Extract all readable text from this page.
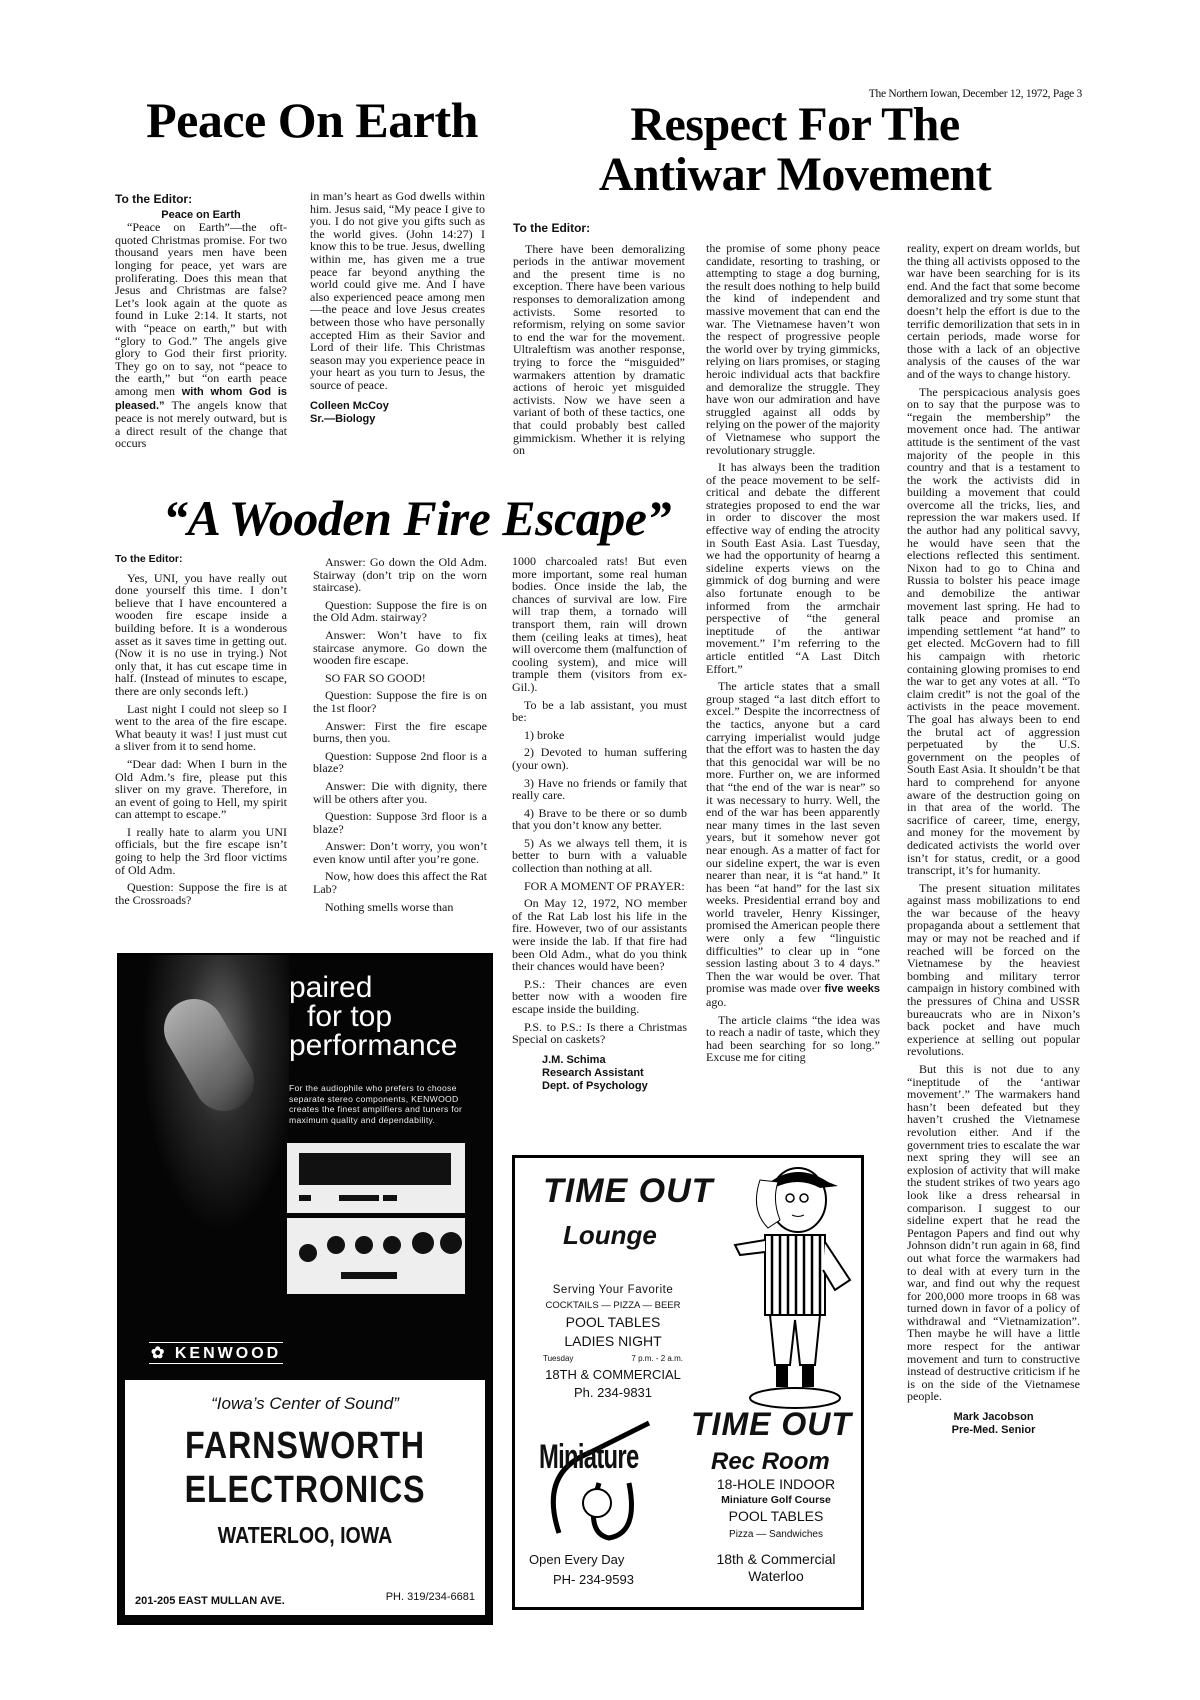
The Northern Iowan, December 12, 1972, Page 3
Peace On Earth
To the Editor:
Peace on Earth

“Peace on Earth”—the oft-quoted Christmas promise. For two thousand years men have been longing for peace, yet wars are proliferating. Does this mean that Jesus and Christmas are false? Let’s look again at the quote as found in Luke 2:14. It starts, not with “peace on earth,” but with “glory to God.” The angels give glory to God their first priority. They go on to say, not “peace to the earth,” but “on earth peace among men with whom God is pleased.” The angels know that peace is not merely outward, but is a direct result of the change that occurs

in man’s heart as God dwells within him. Jesus said, “My peace I give to you. I do not give you gifts such as the world gives. (John 14:27) I know this to be true. Jesus, dwelling within me, has given me a true peace far beyond anything the world could give me. And I have also experienced peace among men—the peace and love Jesus creates between those who have personally accepted Him as their Savior and Lord of their life. This Christmas season may you experience peace in your heart as you turn to Jesus, the source of peace.

Colleen McCoy
Sr.—Biology
Respect For The
Antiwar Movement
To the Editor:

There have been demoralizing periods in the antiwar movement and the present time is no exception. There have been various responses to demoralization among activists. Some resorted to reformism, relying on some savior to end the war for the movement. Ultraleftism was another response, trying to force the “misguided” warmakers attention by dramatic actions of heroic yet misguided activists. Now we have seen a variant of both of these tactics, one that could probably best called gimmickism. Whether it is relying on

the promise of some phony peace candidate, resorting to trashing, or attempting to stage a dog burning, the result does nothing to help build the kind of independent and massive movement that can end the war. The Vietnamese haven’t won the respect of progressive people the world over by trying gimmicks, relying on liars promises, or staging heroic individual acts that backfire and demoralize the struggle. They have won our admiration and have struggled against all odds by relying on the power of the majority of Vietnamese who support the revolutionary struggle.

It has always been the tradition of the peace movement to be self-critical and debate the different strategies proposed to end the war in order to discover the most effective way of ending the atrocity in South East Asia. Last Tuesday, we had the opportunity of hearng a sideline experts views on the gimmick of dog burning and were also fortunate enough to be informed from the armchair perspective of “the general ineptitude of the antiwar movement.” I’m referring to the article entitled “A Last Ditch Effort.”

The article states that a small group staged “a last ditch effort to excel.” Despite the incorrectness of the tactics, anyone but a card carrying imperialist would judge that the effort was to hasten the day that this genocidal war will be no more. Further on, we are informed that “the end of the war is near” so it was necessary to hurry. Well, the end of the war has been apparently near many times in the last seven years, but it somehow never got near enough. As a matter of fact for our sideline expert, the war is even nearer than near, it is “at hand.” It has been “at hand” for the last six weeks. Presidential errand boy and world traveler, Henry Kissinger, promised the American people there were only a few “linguistic difficulties” to clear up in “one session lasting about 3 to 4 days.” Then the war would be over. That promise was made over five weeks ago.

The article claims “the idea was to reach a nadir of taste, which they had been searching for so long.” Excuse me for citing

reality, expert on dream worlds, but the thing all activists opposed to the war have been searching for is its end. And the fact that some become demoralized and try some stunt that doesn’t help the effort is due to the terrific demorilization that sets in in certain periods, made worse for those with a lack of an objective analysis of the causes of the war and of the ways to change history.

The perspicacious analysis goes on to say that the purpose was to “regain the membership” the movement once had. The antiwar attitude is the sentiment of the vast majority of the people in this country and that is a testament to the work the activists did in building a movement that could overcome all the tricks, lies, and repression the war makers used. If the author had any political savvy, he would have seen that the elections reflected this sentiment. Nixon had to go to China and Russia to bolster his peace image and demobilize the antiwar movement last spring. He had to talk peace and promise an impending settlement “at hand” to get elected. McGovern had to fill his campaign with rhetoric containing glowing promises to end the war to get any votes at all. “To claim credit” is not the goal of the activists in the peace movement. The goal has always been to end the brutal act of aggression perpetuated by the U.S. government on the peoples of South East Asia. It shouldn’t be that hard to comprehend for anyone aware of the destruction going on in that area of the world. The sacrifice of career, time, energy, and money for the movement by dedicated activists the world over isn’t for status, credit, or a good transcript, it’s for humanity.

The present situation militates against mass mobilizations to end the war because of the heavy propaganda about a settlement that may or may not be reached and if reached will be forced on the Vietnamese by the heaviest bombing and military terror campaign in history combined with the pressures of China and USSR bureaucrats who are in Nixon’s back pocket and have much experience at selling out popular revolutions.

But this is not due to any “ineptitude of the ‘antiwar movement’.” The warmakers hand hasn’t been defeated but they haven’t crushed the Vietnamese revolution either. And if the government tries to escalate the war next spring they will see an explosion of activity that will make the student strikes of two years ago look like a dress rehearsal in comparison. I suggest to our sideline expert that he read the Pentagon Papers and find out why Johnson didn’t run again in 68, find out what force the warmakers had to deal with at every turn in the war, and find out why the request for 200,000 more troops in 68 was turned down in favor of a policy of withdrawal and “Vietnamization”. Then maybe he will have a little more respect for the antiwar movement and turn to constructive instead of destructive criticism if he is on the side of the Vietnamese people.

Mark Jacobson
Pre-Med. Senior
“A Wooden Fire Escape”
To the Editor:

Yes, UNI, you have really out done yourself this time. I don’t believe that I have encountered a wooden fire escape inside a building before. It is a wonderous asset as it saves time in getting out. (Now it is no use in trying.) Not only that, it has cut escape time in half. (Instead of minutes to escape, there are only seconds left.)

Last night I could not sleep so I went to the area of the fire escape. What beauty it was! I just must cut a sliver from it to send home.

“Dear dad: When I burn in the Old Adm.’s fire, please put this sliver on my grave. Therefore, in an event of going to Hell, my spirit can attempt to escape.”

I really hate to alarm you UNI officials, but the fire escape isn’t going to help the 3rd floor victims of Old Adm.

Question: Suppose the fire is at the Crossroads?

Answer: Go down the Old Adm. Stairway (don’t trip on the worn staircase).

Question: Suppose the fire is on the Old Adm. stairway?

Answer: Won’t have to fix staircase anymore. Go down the wooden fire escape.

SO FAR SO GOOD!

Question: Suppose the fire is on the 1st floor?

Answer: First the fire escape burns, then you.

Question: Suppose 2nd floor is a blaze?

Answer: Die with dignity, there will be others after you.

Question: Suppose 3rd floor is a blaze?

Answer: Don’t worry, you won’t even know until after you’re gone.

Now, how does this affect the Rat Lab?

Nothing smells worse than

1000 charcoaled rats! But even more important, some real human bodies. Once inside the lab, the chances of survival are low. Fire will trap them, a tornado will transport them, rain will drown them (ceiling leaks at times), heat will overcome them (malfunction of cooling system), and mice will trample them (visitors from ex-Gil.).

To be a lab assistant, you must be:

1) broke

2) Devoted to human suffering (your own).

3) Have no friends or family that really care.

4) Brave to be there or so dumb that you don’t know any better.

5) As we always tell them, it is better to burn with a valuable collection than nothing at all.

FOR A MOMENT OF PRAYER:

On May 12, 1972, NO member of the Rat Lab lost his life in the fire. However, two of our assistants were inside the lab. If that fire had been Old Adm., what do you think their chances would have been?

P.S.: Their chances are even better now with a wooden fire escape inside the building.

P.S. to P.S.: Is there a Christmas Special on caskets?

J.M. Schima
Research Assistant
Dept. of Psychology
paired
for top
performance
For the audiophile who prefers to choose separate stereo components, KENWOOD creates the finest amplifiers and tuners for maximum quality and dependability.
✿ KENWOOD
“Iowa’s Center of Sound”
FARNSWORTH
ELECTRONICS
WATERLOO, IOWA
201-205 EAST MULLAN AVE.	PH. 319/234-6681
TIME OUT
Lounge
Serving Your Favorite
COCKTAILS — PIZZA — BEER
POOL TABLES
LADIES NIGHT
Tuesday	7 p.m. - 2 a.m.
18TH & COMMERCIAL
Ph. 234-9831
Miniature
TIME OUT
Rec Room
18-HOLE INDOOR
Miniature Golf Course
POOL TABLES
Pizza — Sandwiches
18th & Commercial
Waterloo
Open Every Day
PH- 234-9593
